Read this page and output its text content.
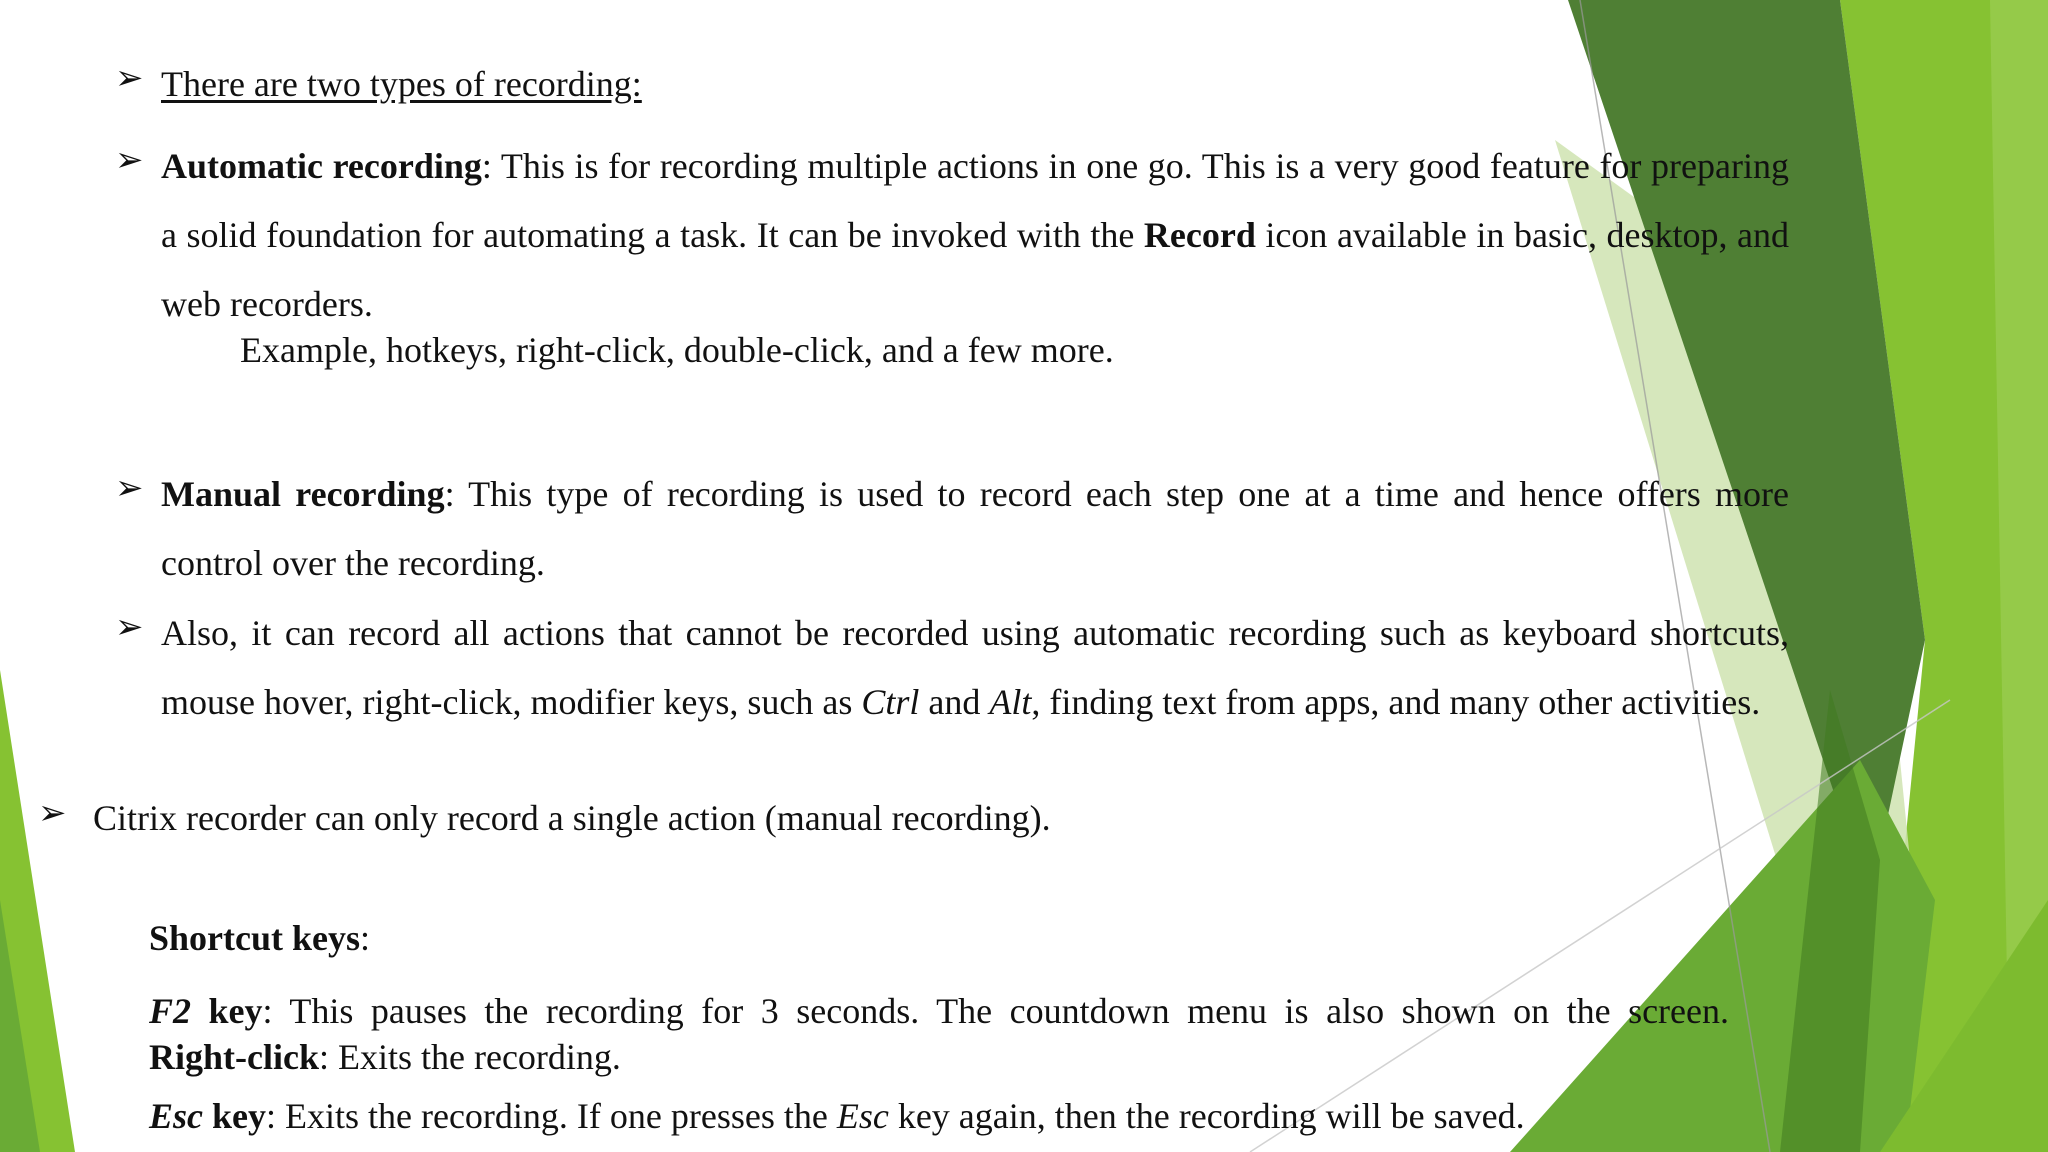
➢ There are two types of recording:

➢ Automatic recording: This is for recording multiple actions in one go. This is a very good feature for preparing a solid foundation for automating a task. It can be invoked with the Record icon available in basic, desktop, and web recorders.

Example, hotkeys, right-click, double-click, and a few more.

➢ Manual recording: This type of recording is used to record each step one at a time and hence offers more control over the recording.

➢ Also, it can record all actions that cannot be recorded using automatic recording such as keyboard shortcuts, mouse hover, right-click, modifier keys, such as Ctrl and Alt, finding text from apps, and many other activities.

➢ Citrix recorder can only record a single action (manual recording).

Shortcut keys:

F2 key: This pauses the recording for 3 seconds. The countdown menu is also shown on the screen.

Right-click: Exits the recording.

Esc key: Exits the recording. If one presses the Esc key again, then the recording will be saved.
